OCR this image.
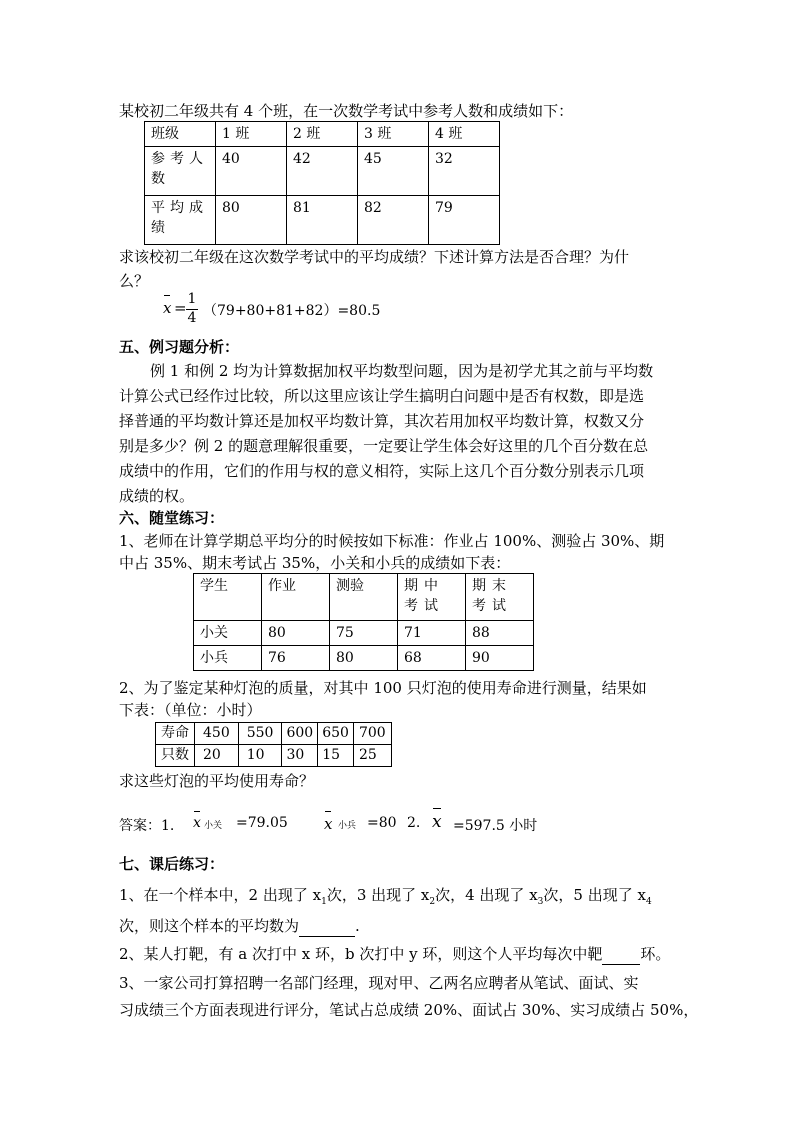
某校初二年级共有 4 个班，在一次数学考试中参考人数和成绩如下：
班级	1 班	2 班	3 班	4 班
参考人数	40	42	45	32
平均成绩	80	81	82	79
求该校初二年级在这次数学考试中的平均成绩？下述计算方法是否合理？为什
么？
x = 1
4 （79+80+81+82）=80.5
五、例习题分析：
例 1 和例 2 均为计算数据加权平均数型问题，因为是初学尤其之前与平均数
计算公式已经作过比较，所以这里应该让学生搞明白问题中是否有权数，即是选
择普通的平均数计算还是加权平均数计算，其次若用加权平均数计算，权数又分
别是多少？例 2 的题意理解很重要，一定要让学生体会好这里的几个百分数在总
成绩中的作用，它们的作用与权的意义相符，实际上这几个百分数分别表示几项
成绩的权。
六、随堂练习：
1、老师在计算学期总平均分的时候按如下标准：作业占 100%、测验占 30%、期
中占 35%、期末考试占 35%，小关和小兵的成绩如下表：
学生	作业	测验	期中考试	期末考试
小关	80	75	71	88
小兵	76	80	68	90
2、为了鉴定某种灯泡的质量，对其中 100 只灯泡的使用寿命进行测量，结果如
下表：（单位：小时）
寿命	450	550	600	650	700
只数	20	10	30	15	25
求这些灯泡的平均使用寿命？
答案：1. x 小关 =79.05 x 小兵 =80 2. x =597.5 小时
七、课后练习：
1、在一个样本中，2 出现了 $x_1$次，3 出现了 $x_2$次，4 出现了 $x_3$次，5 出现了 $x_4$
次，则这个样本的平均数为	.
2、某人打靶，有 a 次打中 x 环，b 次打中 y 环，则这个人平均每次中靶	环。
3、一家公司打算招聘一名部门经理，现对甲、乙两名应聘者从笔试、面试、实
习成绩三个方面表现进行评分，笔试占总成绩 20%、面试占 30%、实习成绩占 50%，
